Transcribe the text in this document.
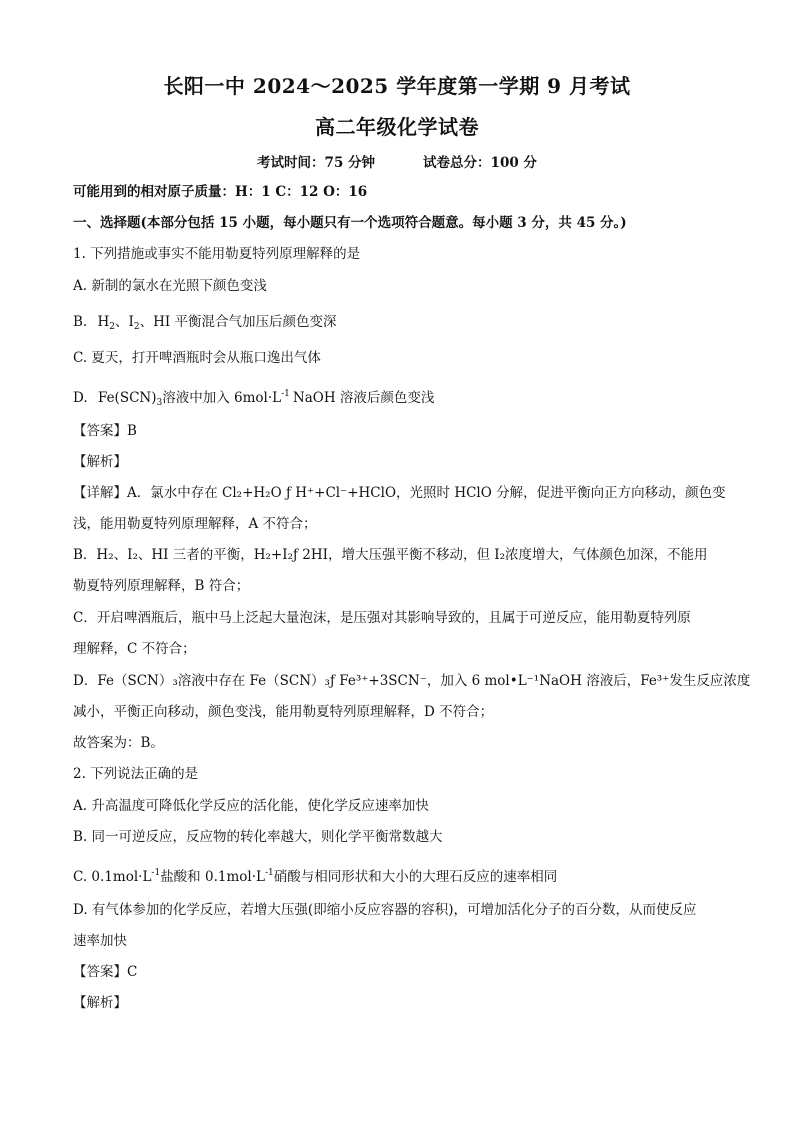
长阳一中 2024～2025 学年度第一学期 9 月考试
高二年级化学试卷
考试时间：75 分钟	试卷总分：100 分
可能用到的相对原子质量：H：1 C：12 O：16
一、选择题(本部分包括 15 小题，每小题只有一个选项符合题意。每小题 3 分，共 45 分。)
1. 下列措施或事实不能用勒夏特列原理解释的是
A. 新制的氯水在光照下颜色变浅
B. $H_2$、$I_2$、HI 平衡混合气加压后颜色变深
C. 夏天，打开啤酒瓶时会从瓶口逸出气体
D. $Fe(SCN)_3$溶液中加入 $6mol\cdot L^{-1}$ NaOH 溶液后颜色变浅
【答案】B
【解析】
【详解】A．氯水中存在 Cl₂+H₂O ƒ H⁺+Cl⁻+HClO，光照时 HClO 分解，促进平衡向正方向移动，颜色变
浅，能用勒夏特列原理解释，A 不符合；
B．H₂、I₂、HI 三者的平衡，H₂+I₂ƒ 2HI，增大压强平衡不移动，但 I₂浓度增大，气体颜色加深，不能用
勒夏特列原理解释，B 符合；
C．开启啤酒瓶后，瓶中马上泛起大量泡沫，是压强对其影响导致的，且属于可逆反应，能用勒夏特列原
理解释，C 不符合；
D．Fe（SCN）₃溶液中存在 Fe（SCN）₃ƒ Fe³⁺+3SCN⁻，加入 6 mol•L⁻¹NaOH 溶液后，Fe³⁺发生反应浓度
减小，平衡正向移动，颜色变浅，能用勒夏特列原理解释，D 不符合；
故答案为：B。
2. 下列说法正确的是
A. 升高温度可降低化学反应的活化能，使化学反应速率加快
B. 同一可逆反应，反应物的转化率越大，则化学平衡常数越大
C. $0.1mol\cdot L^{-1}$盐酸和 $0.1mol\cdot L^{-1}$硝酸与相同形状和大小的大理石反应的速率相同
D. 有气体参加的化学反应，若增大压强(即缩小反应容器的容积)，可增加活化分子的百分数，从而使反应
速率加快
【答案】C
【解析】
